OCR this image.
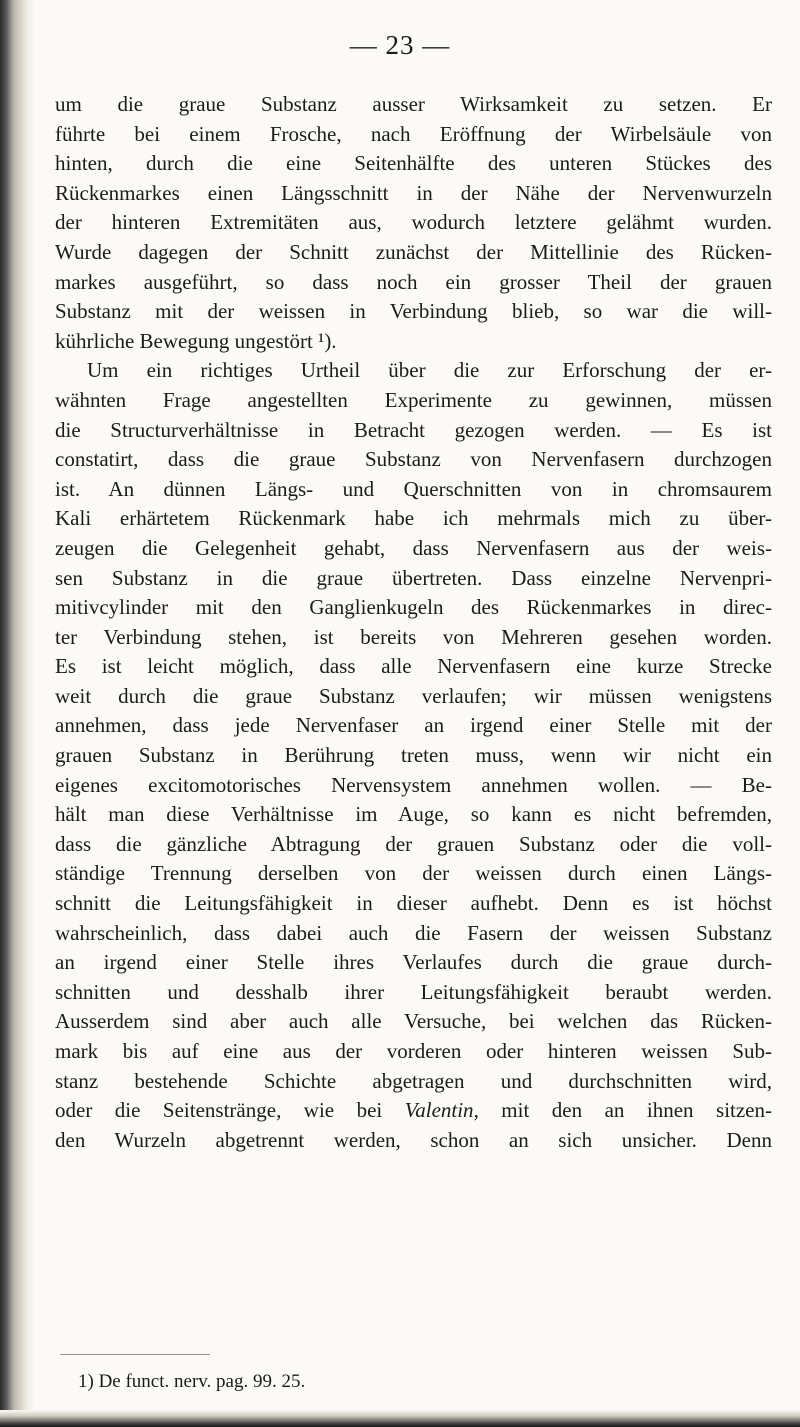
— 23 —
um die graue Substanz ausser Wirksamkeit zu setzen. Er
führte bei einem Frosche, nach Eröffnung der Wirbelsäule von
hinten, durch die eine Seitenhälfte des unteren Stückes des
Rückenmarkes einen Längsschnitt in der Nähe der Nervenwurzeln
der hinteren Extremitäten aus, wodurch letztere gelähmt wurden.
Wurde dagegen der Schnitt zunächst der Mittellinie des Rücken-
markes ausgeführt, so dass noch ein grosser Theil der grauen
Substanz mit der weissen in Verbindung blieb, so war die will-
kührliche Bewegung ungestört ¹).
Um ein richtiges Urtheil über die zur Erforschung der er-
wähnten Frage angestellten Experimente zu gewinnen, müssen
die Structurverhältnisse in Betracht gezogen werden. — Es ist
constatirt, dass die graue Substanz von Nervenfasern durchzogen
ist. An dünnen Längs- und Querschnitten von in chromsaurem
Kali erhärtetem Rückenmark habe ich mehrmals mich zu über-
zeugen die Gelegenheit gehabt, dass Nervenfasern aus der weis-
sen Substanz in die graue übertreten. Dass einzelne Nervenpri-
mitivcylinder mit den Ganglienkugeln des Rückenmarkes in direc-
ter Verbindung stehen, ist bereits von Mehreren gesehen worden.
Es ist leicht möglich, dass alle Nervenfasern eine kurze Strecke
weit durch die graue Substanz verlaufen; wir müssen wenigstens
annehmen, dass jede Nervenfaser an irgend einer Stelle mit der
grauen Substanz in Berührung treten muss, wenn wir nicht ein
eigenes excitomotorisches Nervensystem annehmen wollen. — Be-
hält man diese Verhältnisse im Auge, so kann es nicht befremden,
dass die gänzliche Abtragung der grauen Substanz oder die voll-
ständige Trennung derselben von der weissen durch einen Längs-
schnitt die Leitungsfähigkeit in dieser aufhebt. Denn es ist höchst
wahrscheinlich, dass dabei auch die Fasern der weissen Substanz
an irgend einer Stelle ihres Verlaufes durch die graue durch-
schnitten und desshalb ihrer Leitungsfähigkeit beraubt werden.
Ausserdem sind aber auch alle Versuche, bei welchen das Rücken-
mark bis auf eine aus der vorderen oder hinteren weissen Sub-
stanz bestehende Schichte abgetragen und durchschnitten wird,
oder die Seitenstränge, wie bei Valentin, mit den an ihnen sitzen-
den Wurzeln abgetrennt werden, schon an sich unsicher. Denn
1) De funct. nerv. pag. 99. 25.
